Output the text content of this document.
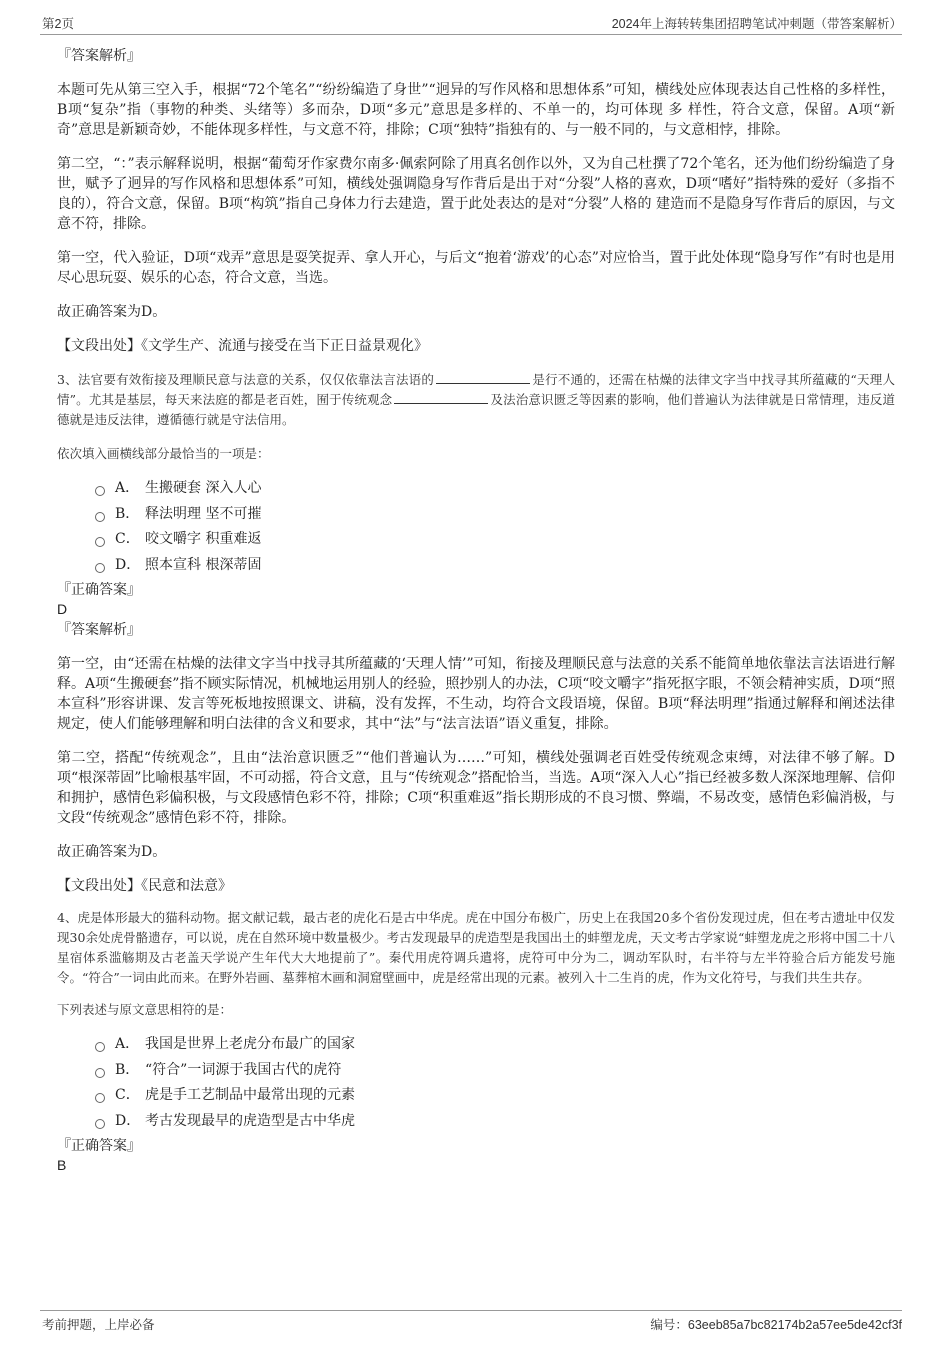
第2页	2024年上海转转集团招聘笔试冲刺题（带答案解析）

『答案解析』

本题可先从第三空入手，根据“72个笔名”“纷纷编造了身世”“迥异的写作风格和思想体系”可知，横线处应体现表达自己性格的多样性，B项“复杂”指（事物的种类、头绪等）多而杂，D项“多元”意思是多样的、不单一的，均可体现 多 样性，符合文意，保留。A项“新奇”意思是新颖奇妙，不能体现多样性，与文意不符，排除；C项“独特”指独有的、与一般不同的，与文意相悖，排除。

第二空，“：”表示解释说明，根据“葡萄牙作家费尔南多·佩索阿除了用真名创作以外，又为自己杜撰了72个笔名，还为他们纷纷编造了身世，赋予了迥异的写作风格和思想体系”可知，横线处强调隐身写作背后是出于对“分裂”人格的喜欢，D项“嗜好”指特殊的爱好（多指不良的），符合文意，保留。B项“构筑”指自己身体力行去建造，置于此处表达的是对“分裂”人格的 建造而不是隐身写作背后的原因，与文意不符，排除。

第一空，代入验证，D项“戏弄”意思是耍笑捉弄、拿人开心，与后文“抱着‘游戏’的心态”对应恰当，置于此处体现“隐身写作”有时也是用尽心思玩耍、娱乐的心态，符合文意，当选。

故正确答案为D。

【文段出处】《文学生产、流通与接受在当下正日益景观化》

3、法官要有效衔接及理顺民意与法意的关系，仅仅依靠法言法语的	是行不通的，还需在枯燥的法律文字当中找寻其所蕴藏的“天理人情”。尤其是基层，每天来法庭的都是老百姓，囿于传统观念	及法治意识匮乏等因素的影响，他们普遍认为法律就是日常情理，违反道德就是违反法律，遵循德行就是守法信用。

依次填入画横线部分最恰当的一项是：

A． 生搬硬套 深入人心
B． 释法明理 坚不可摧
C． 咬文嚼字 积重难返
D． 照本宣科 根深蒂固

『正确答案』

D

『答案解析』

第一空，由“还需在枯燥的法律文字当中找寻其所蕴藏的‘天理人情’”可知，衔接及理顺民意与法意的关系不能简单地依靠法言法语进行解释。A项“生搬硬套”指不顾实际情况，机械地运用别人的经验，照抄别人的办法，C项“咬文嚼字”指死抠字眼，不领会精神实质，D项“照本宣科”形容讲课、发言等死板地按照课文、讲稿，没有发挥，不生动，均符合文段语境，保留。B项“释法明理”指通过解释和阐述法律规定，使人们能够理解和明白法律的含义和要求，其中“法”与“法言法语”语义重复，排除。

第二空，搭配“传统观念”，且由“法治意识匮乏”“他们普遍认为……”可知，横线处强调老百姓受传统观念束缚，对法律不够了解。D项“根深蒂固”比喻根基牢固，不可动摇，符合文意，且与“传统观念”搭配恰当，当选。A项“深入人心”指已经被多数人深深地理解、信仰和拥护，感情色彩偏积极，与文段感情色彩不符，排除；C项“积重难返”指长期形成的不良习惯、弊端，不易改变，感情色彩偏消极，与文段“传统观念”感情色彩不符，排除。

故正确答案为D。

【文段出处】《民意和法意》

4、虎是体形最大的猫科动物。据文献记载，最古老的虎化石是古中华虎。虎在中国分布极广，历史上在我国20多个省份发现过虎，但在考古遗址中仅发现30余处虎骨骼遗存，可以说，虎在自然环境中数量极少。考古发现最早的虎造型是我国出土的蚌塑龙虎，天文考古学家说“蚌塑龙虎之形将中国二十八星宿体系滥觞期及古老盖天学说产生年代大大地提前了”。秦代用虎符调兵遣将，虎符可中分为二，调动军队时，右半符与左半符验合后方能发号施令。“符合”一词由此而来。在野外岩画、墓葬棺木画和洞窟壁画中，虎是经常出现的元素。被列入十二生肖的虎，作为文化符号，与我们共生共存。

下列表述与原文意思相符的是：

A． 我国是世界上老虎分布最广的国家
B． “符合”一词源于我国古代的虎符
C． 虎是手工艺制品中最常出现的元素
D． 考古发现最早的虎造型是古中华虎

『正确答案』

B

考前押题，上岸必备	编号：63eeb85a7bc82174b2a57ee5de42cf3f
